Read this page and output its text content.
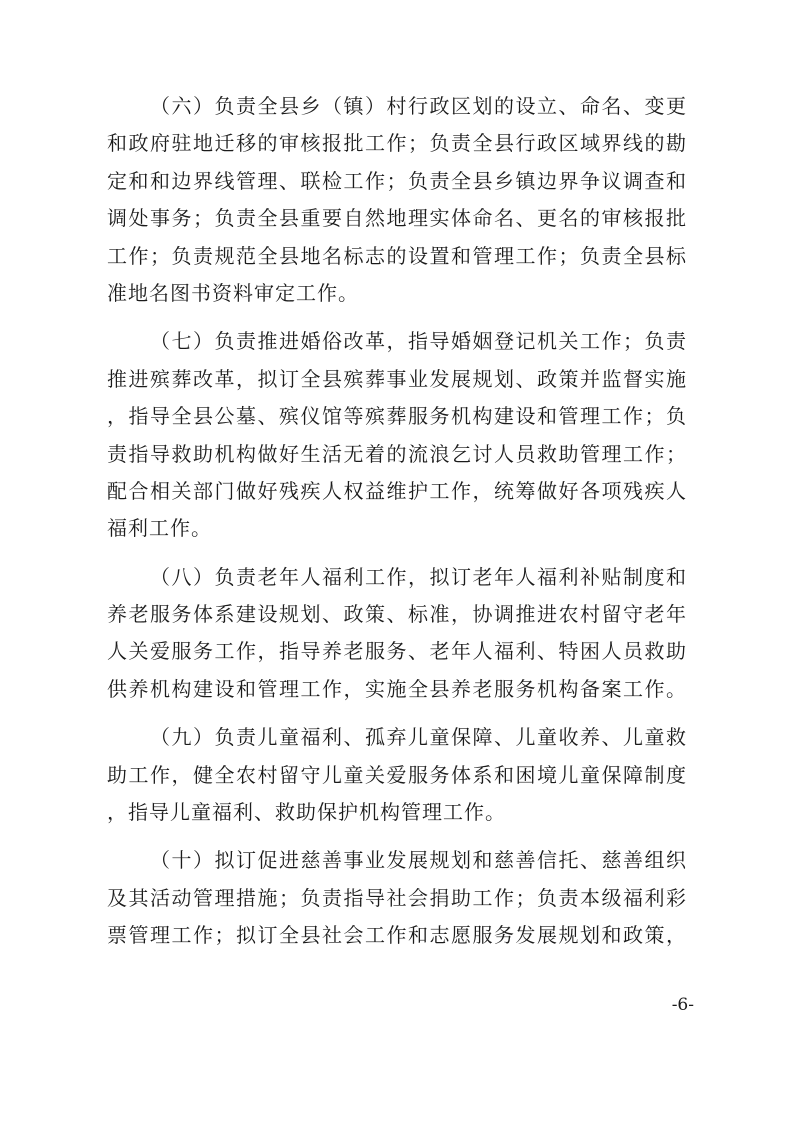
（六）负责全县乡（镇）村行政区划的设立、命名、变更
和政府驻地迁移的审核报批工作；负责全县行政区域界线的勘
定和和边界线管理、联检工作；负责全县乡镇边界争议调查和
调处事务；负责全县重要自然地理实体命名、更名的审核报批
工作；负责规范全县地名标志的设置和管理工作；负责全县标
准地名图书资料审定工作。
（七）负责推进婚俗改革，指导婚姻登记机关工作；负责
推进殡葬改革，拟订全县殡葬事业发展规划、政策并监督实施
，指导全县公墓、殡仪馆等殡葬服务机构建设和管理工作；负
责指导救助机构做好生活无着的流浪乞讨人员救助管理工作；
配合相关部门做好残疾人权益维护工作，统筹做好各项残疾人
福利工作。
（八）负责老年人福利工作，拟订老年人福利补贴制度和
养老服务体系建设规划、政策、标准，协调推进农村留守老年
人关爱服务工作，指导养老服务、老年人福利、特困人员救助
供养机构建设和管理工作，实施全县养老服务机构备案工作。
（九）负责儿童福利、孤弃儿童保障、儿童收养、儿童救
助工作，健全农村留守儿童关爱服务体系和困境儿童保障制度
，指导儿童福利、救助保护机构管理工作。
（十）拟订促进慈善事业发展规划和慈善信托、慈善组织
及其活动管理措施；负责指导社会捐助工作；负责本级福利彩
票管理工作；拟订全县社会工作和志愿服务发展规划和政策，
-6-
